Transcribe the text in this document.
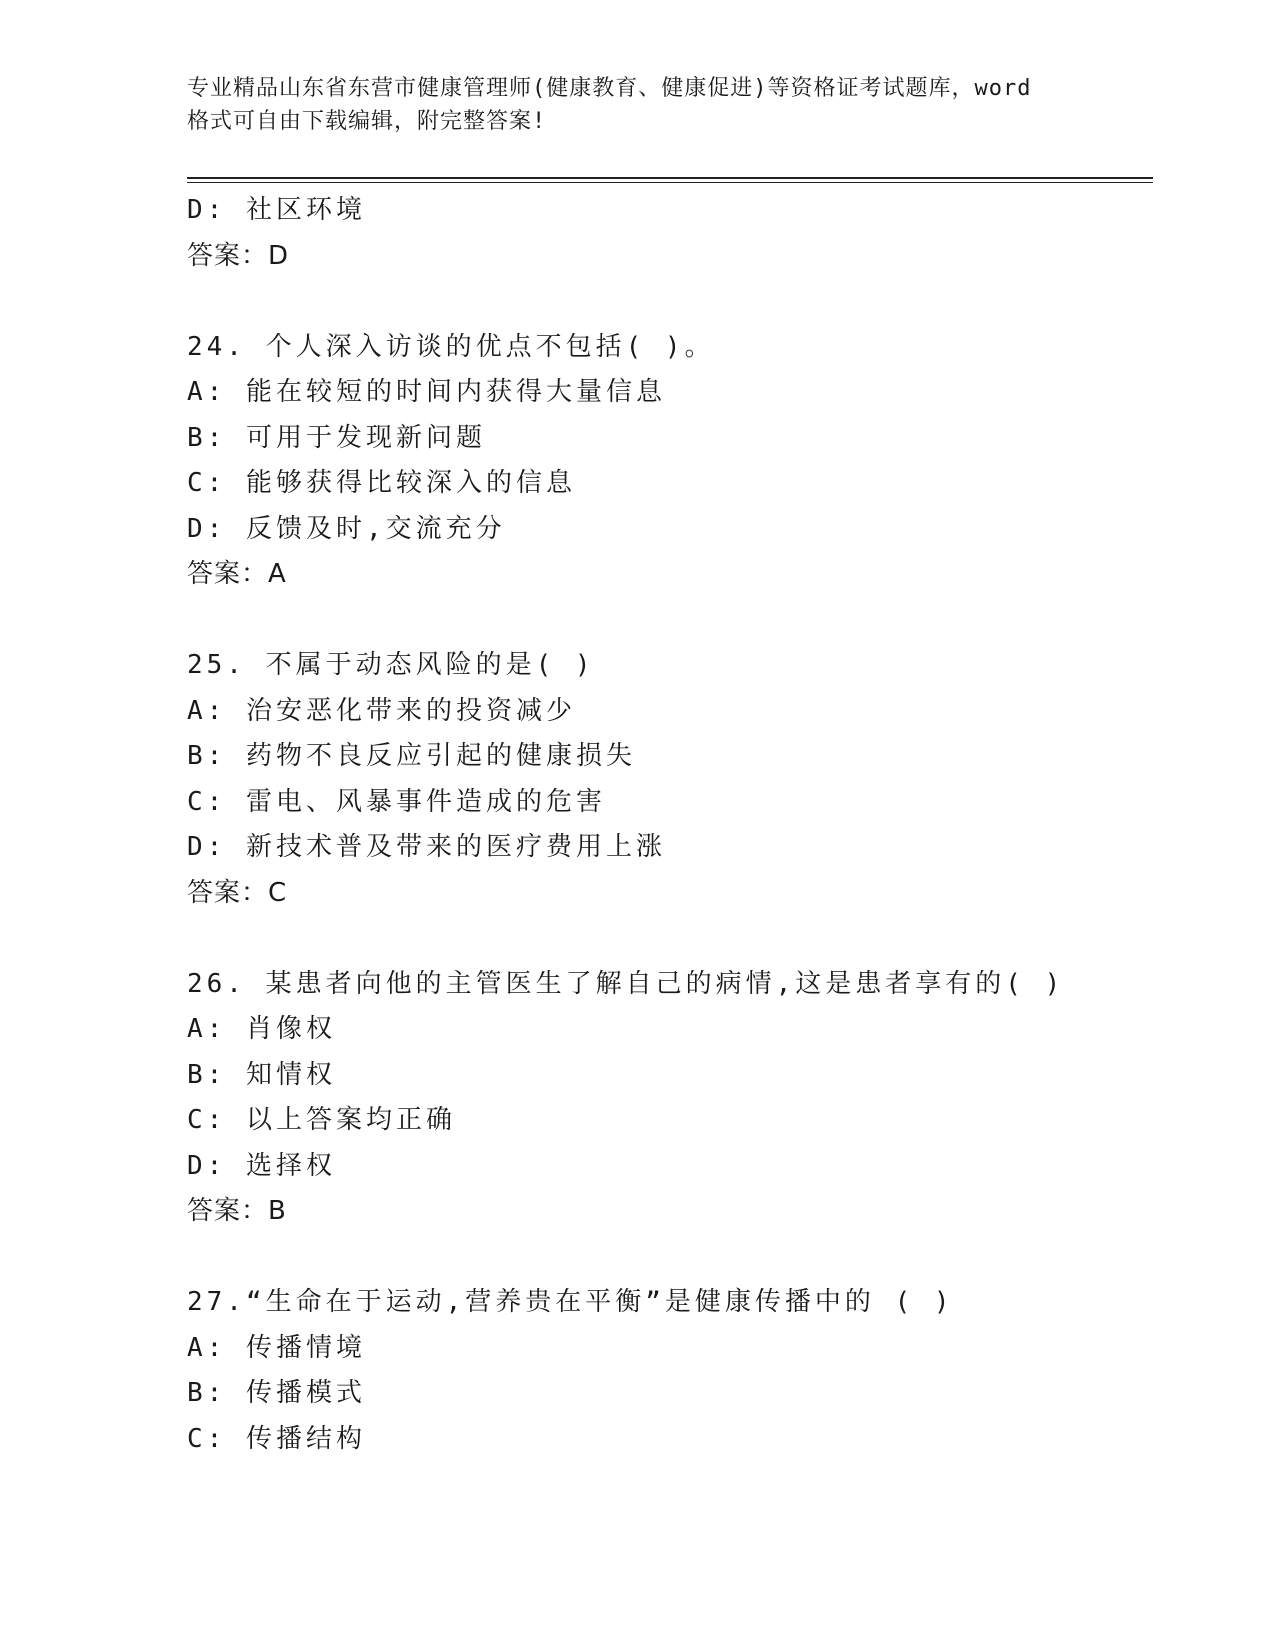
专业精品山东省东营市健康管理师(健康教育、健康促进)等资格证考试题库，word
格式可自由下载编辑，附完整答案!
D: 社区环境
答案：D
24. 个人深入访谈的优点不包括( )。
A: 能在较短的时间内获得大量信息
B: 可用于发现新问题
C: 能够获得比较深入的信息
D: 反馈及时,交流充分
答案：A
25. 不属于动态风险的是( )
A: 治安恶化带来的投资减少
B: 药物不良反应引起的健康损失
C: 雷电、风暴事件造成的危害
D: 新技术普及带来的医疗费用上涨
答案：C
26. 某患者向他的主管医生了解自己的病情,这是患者享有的( )
A: 肖像权
B: 知情权
C: 以上答案均正确
D: 选择权
答案：B
27.“生命在于运动,营养贵在平衡”是健康传播中的 ( )
A: 传播情境
B: 传播模式
C: 传播结构
